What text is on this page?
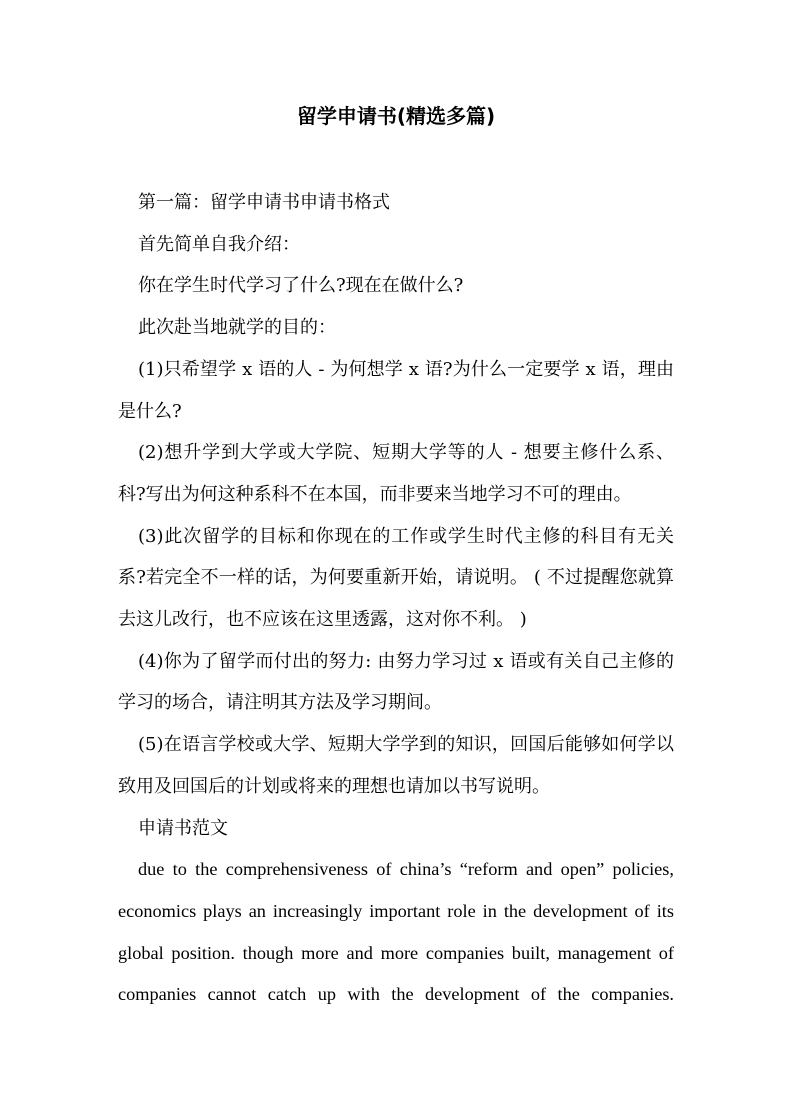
留学申请书(精选多篇)

第一篇：留学申请书申请书格式

首先简单自我介绍：

你在学生时代学习了什么?现在在做什么?

此次赴当地就学的目的：

(1)只希望学 x 语的人 - 为何想学 x 语?为什么一定要学 x 语，理由是什么?

(2)想升学到大学或大学院、短期大学等的人 - 想要主修什么系、科?写出为何这种系科不在本国，而非要来当地学习不可的理由。

(3)此次留学的目标和你现在的工作或学生时代主修的科目有无关系?若完全不一样的话，为何要重新开始，请说明。 ( 不过提醒您就算去这儿改行，也不应该在这里透露，这对你不利。 )

(4)你为了留学而付出的努力: 由努力学习过 x 语或有关自己主修的学习的场合，请注明其方法及学习期间。

(5)在语言学校或大学、短期大学学到的知识，回国后能够如何学以致用及回国后的计划或将来的理想也请加以书写说明。

申请书范文

due to the comprehensiveness of china’s “reform and open” policies, economics plays an increasingly important role in the development of its global position. though more and more companies built, management of companies cannot catch up with the development of the companies.
